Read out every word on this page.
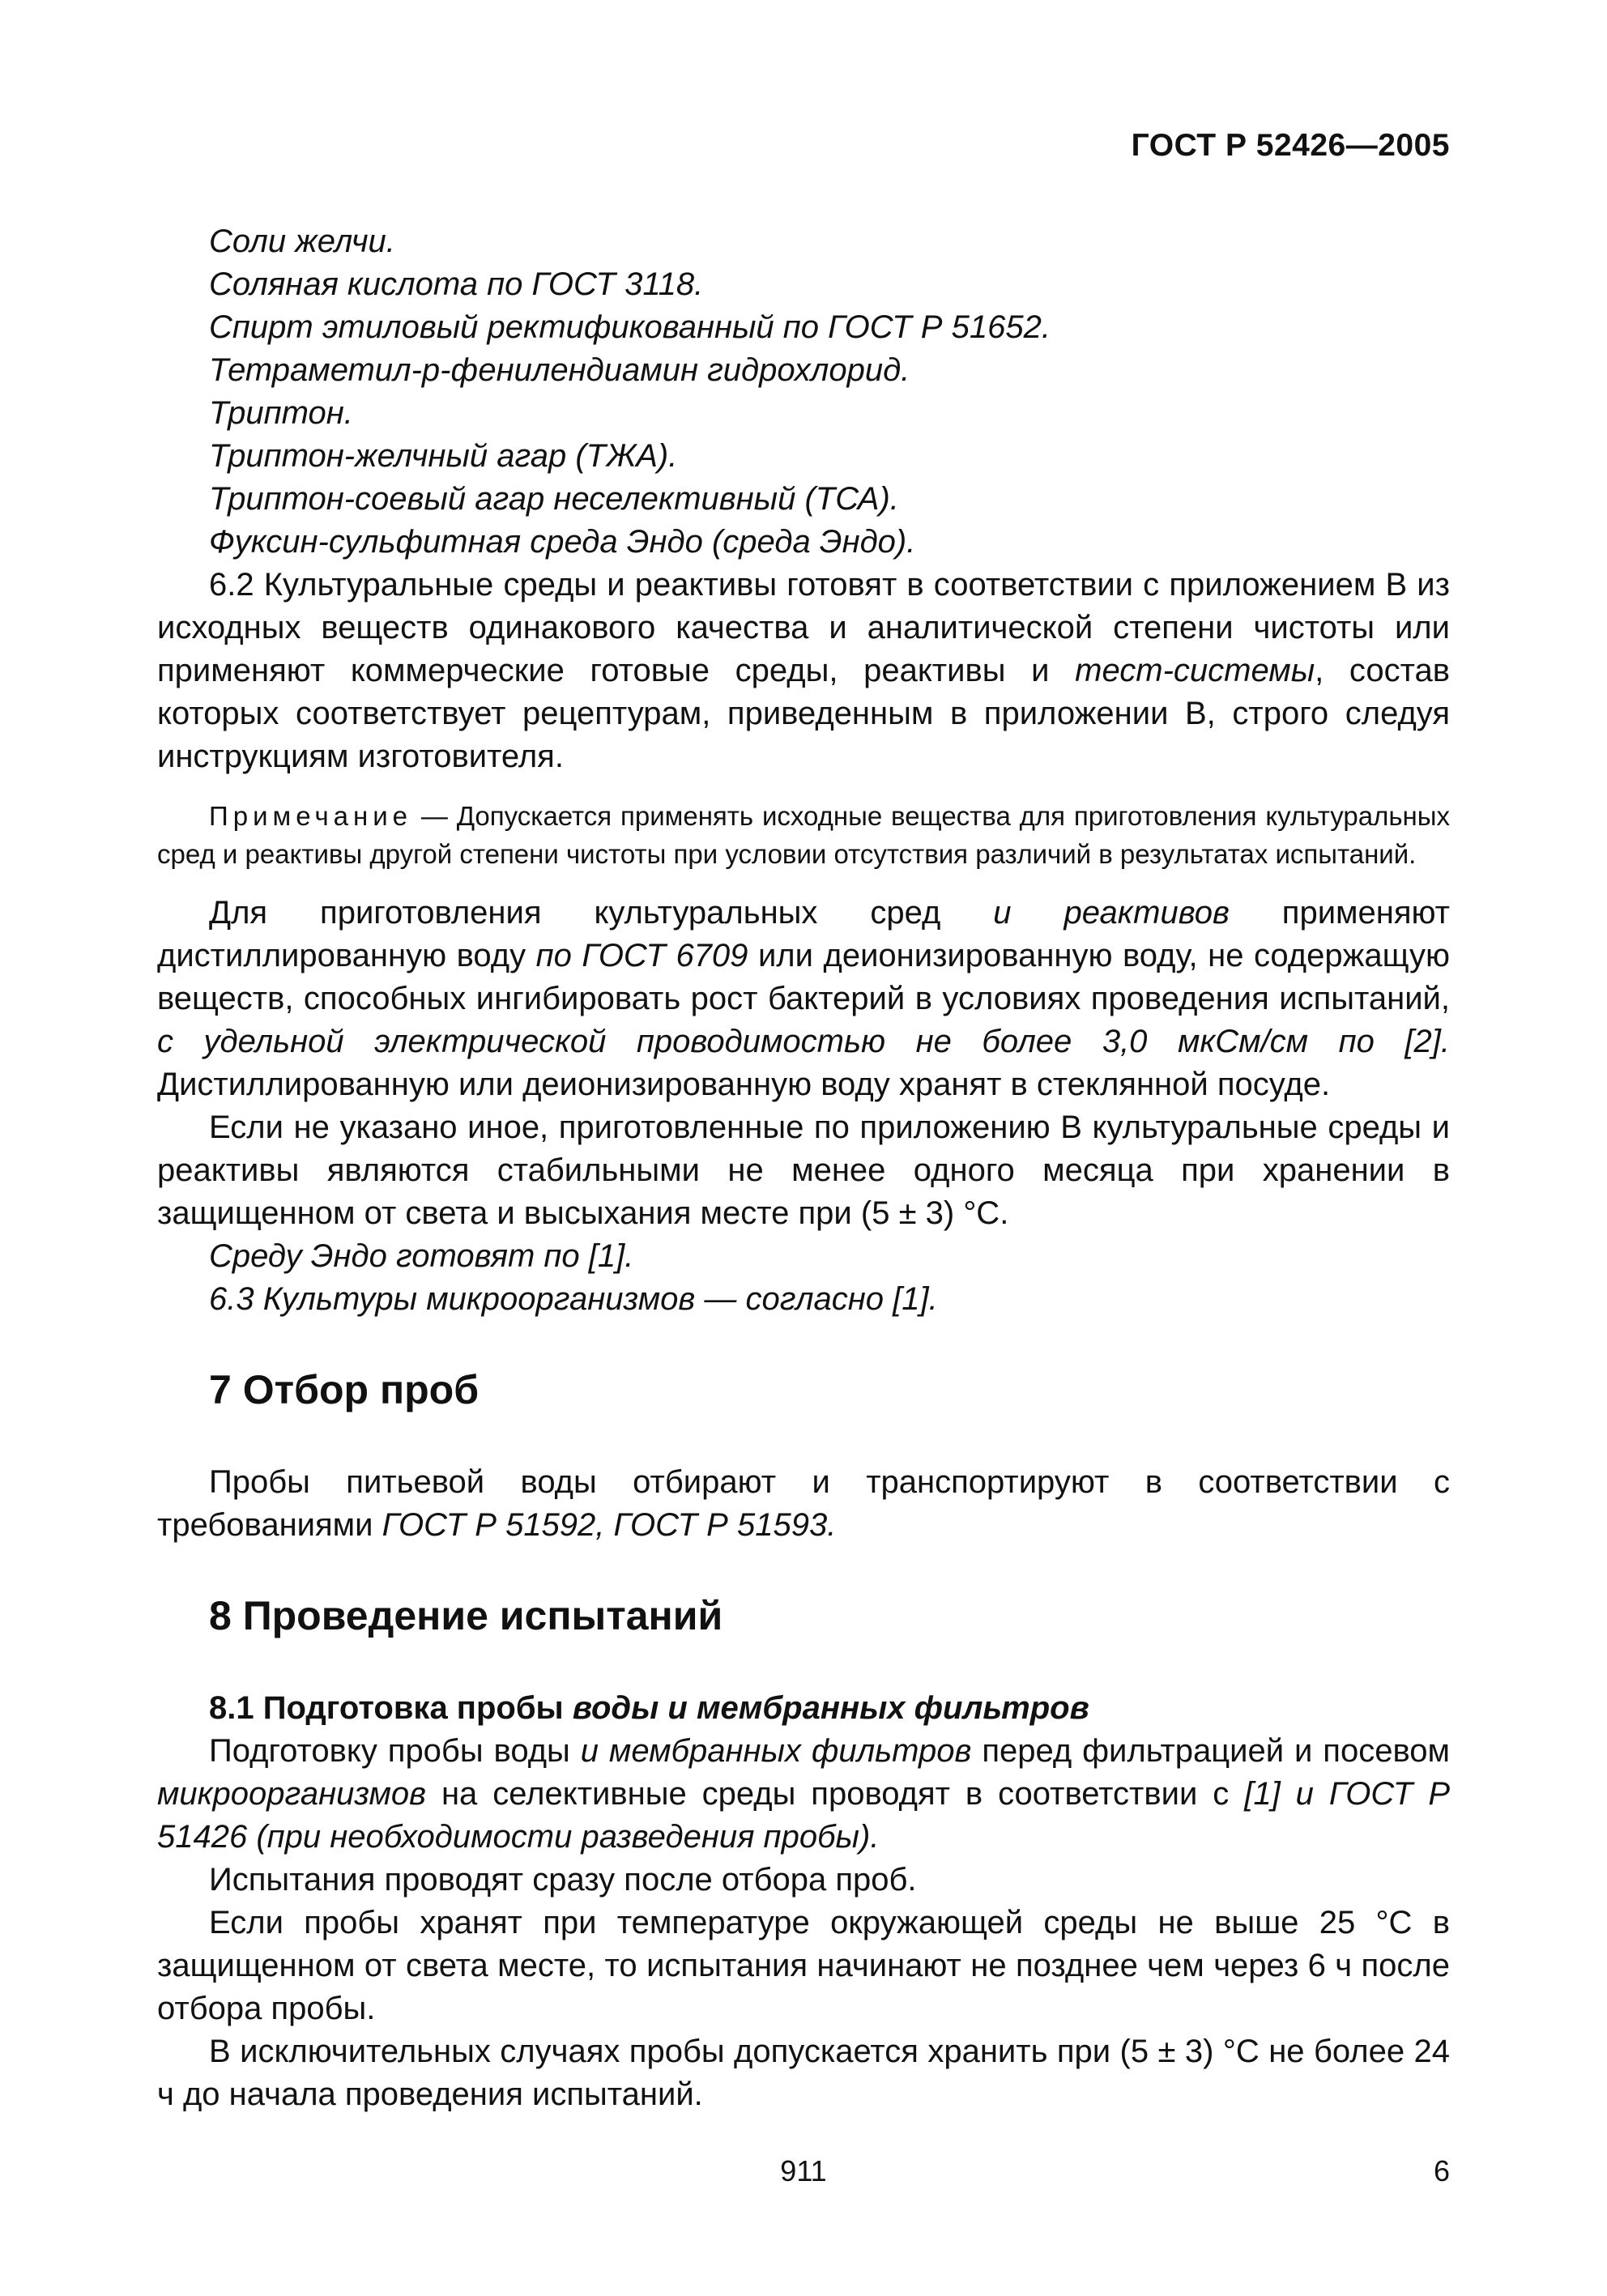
ГОСТ Р 52426—2005

Соли желчи.

Соляная кислота по ГОСТ 3118.

Спирт этиловый ректификованный по ГОСТ Р 51652.

Тетраметил-р-фенилендиамин гидрохлорид.

Триптон.

Триптон-желчный агар (ТЖА).

Триптон-соевый агар неселективный (ТСА).

Фуксин-сульфитная среда Эндо (среда Эндо).

6.2 Культуральные среды и реактивы готовят в соответствии с приложением В из исходных веществ одинакового качества и аналитической степени чистоты или применяют коммерческие готовые среды, реактивы и тест-системы, состав которых соответствует рецептурам, приведенным в приложении В, строго следуя инструкциям изготовителя.

Примечание — Допускается применять исходные вещества для приготовления культуральных сред и реактивы другой степени чистоты при условии отсутствия различий в результатах испытаний.

Для приготовления культуральных сред и реактивов применяют дистиллированную воду по ГОСТ 6709 или деионизированную воду, не содержащую веществ, способных ингибировать рост бактерий в условиях проведения испытаний, с удельной электрической проводимостью не более 3,0 мкСм/см по [2]. Дистиллированную или деионизированную воду хранят в стеклянной посуде.

Если не указано иное, приготовленные по приложению В культуральные среды и реактивы являются стабильными не менее одного месяца при хранении в защищенном от света и высыхания месте при (5 ± 3) °С.

Среду Эндо готовят по [1].

6.3 Культуры микроорганизмов — согласно [1].

7 Отбор проб

Пробы питьевой воды отбирают и транспортируют в соответствии с требованиями ГОСТ Р 51592, ГОСТ Р 51593.

8 Проведение испытаний

8.1 Подготовка пробы воды и мембранных фильтров

Подготовку пробы воды и мембранных фильтров перед фильтрацией и посевом микроорганизмов на селективные среды проводят в соответствии с [1] и ГОСТ Р 51426 (при необходимости разведения пробы).

Испытания проводят сразу после отбора проб.

Если пробы хранят при температуре окружающей среды не выше 25 °С в защищенном от света месте, то испытания начинают не позднее чем через 6 ч после отбора пробы.

В исключительных случаях пробы допускается хранить при (5 ± 3) °С не более 24 ч до начала проведения испытаний.

911	6
